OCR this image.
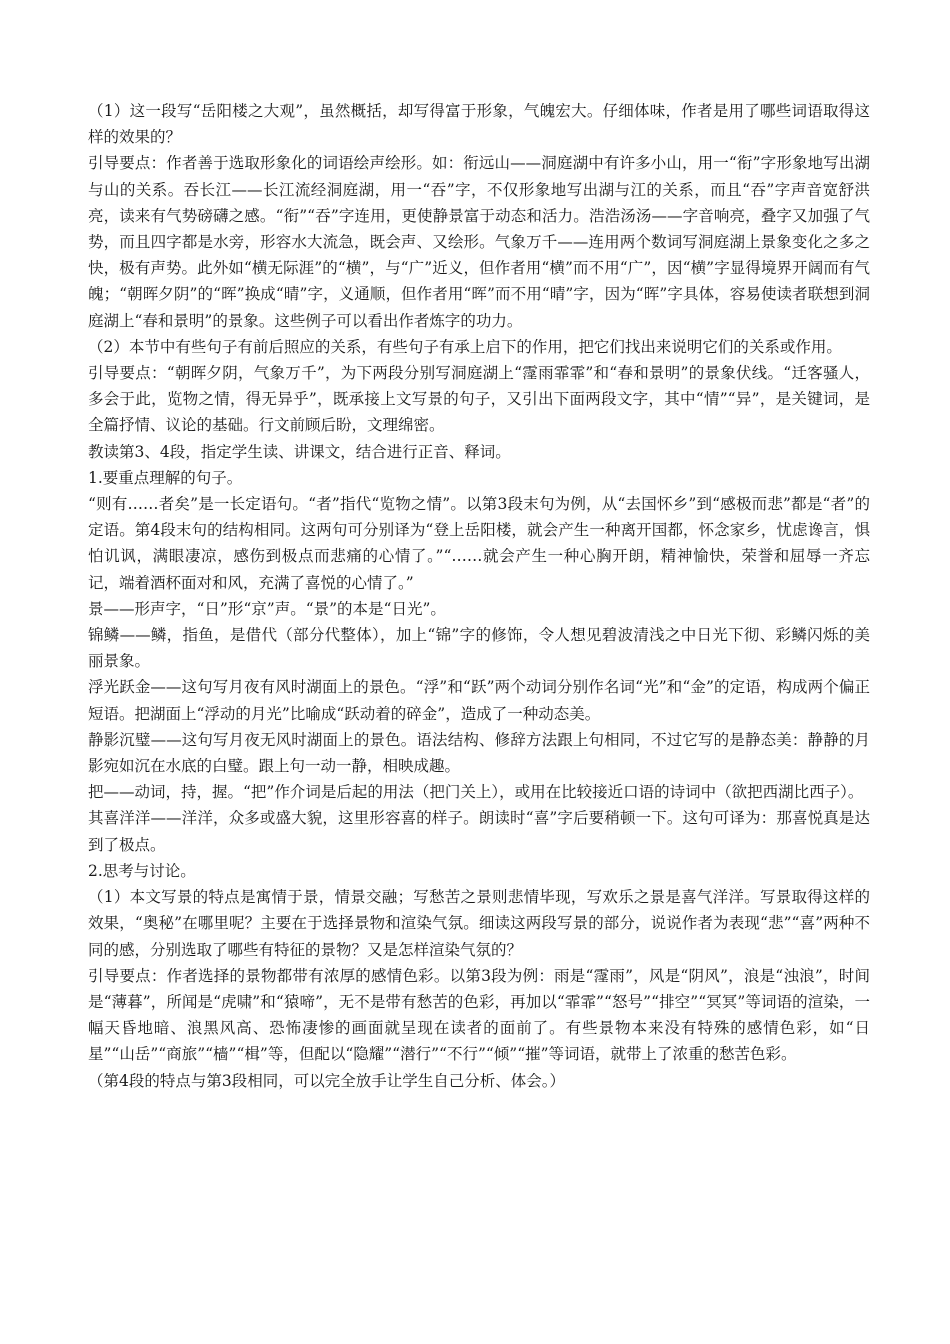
（1）这一段写“岳阳楼之大观”，虽然概括，却写得富于形象，气魄宏大。仔细体味，作者是用了哪些词语取得这样的效果的？

引导要点：作者善于选取形象化的词语绘声绘形。如：衔远山——洞庭湖中有许多小山，用一“衔”字形象地写出湖与山的关系。吞长江——长江流经洞庭湖，用一“吞”字，不仅形象地写出湖与江的关系，而且“吞”字声音宽舒洪亮，读来有气势磅礴之感。“衔”“吞”字连用，更使静景富于动态和活力。浩浩汤汤——字音响亮，叠字又加强了气势，而且四字都是水旁，形容水大流急，既会声、又绘形。气象万千——连用两个数词写洞庭湖上景象变化之多之快，极有声势。此外如“横无际涯”的“横”，与“广”近义，但作者用“横”而不用“广”，因“横”字显得境界开阔而有气魄；“朝晖夕阴”的“晖”换成“晴”字，义通顺，但作者用“晖”而不用“晴”字，因为“晖”字具体，容易使读者联想到洞庭湖上“春和景明”的景象。这些例子可以看出作者炼字的功力。

（2）本节中有些句子有前后照应的关系，有些句子有承上启下的作用，把它们找出来说明它们的关系或作用。

引导要点：“朝晖夕阴，气象万千”，为下两段分别写洞庭湖上“霪雨霏霏”和“春和景明”的景象伏线。“迁客骚人，多会于此，览物之情，得无异乎”，既承接上文写景的句子，又引出下面两段文字，其中“情”“异”，是关键词，是全篇抒情、议论的基础。行文前顾后盼，文理绵密。

教读第3、4段，指定学生读、讲课文，结合进行正音、释词。

1.要重点理解的句子。

“则有……者矣”是一长定语句。“者”指代“览物之情”。以第3段末句为例，从“去国怀乡”到“感极而悲”都是“者”的定语。第4段末句的结构相同。这两句可分别译为“登上岳阳楼，就会产生一种离开国都，怀念家乡，忧虑谗言，惧怕讥讽，满眼凄凉，感伤到极点而悲痛的心情了。”“……就会产生一种心胸开朗，精神愉快，荣誉和屈辱一齐忘记，端着酒杯面对和风，充满了喜悦的心情了。”

景——形声字，“日”形“京”声。“景”的本是“日光”。

锦鳞——鳞，指鱼，是借代（部分代整体），加上“锦”字的修饰，令人想见碧波清浅之中日光下彻、彩鳞闪烁的美丽景象。

浮光跃金——这句写月夜有风时湖面上的景色。“浮”和“跃”两个动词分别作名词“光”和“金”的定语，构成两个偏正短语。把湖面上“浮动的月光”比喻成“跃动着的碎金”，造成了一种动态美。

静影沉璧——这句写月夜无风时湖面上的景色。语法结构、修辞方法跟上句相同，不过它写的是静态美：静静的月影宛如沉在水底的白璧。跟上句一动一静，相映成趣。

把——动词，持，握。“把”作介词是后起的用法（把门关上），或用在比较接近口语的诗词中（欲把西湖比西子）。

其喜洋洋——洋洋，众多或盛大貌，这里形容喜的样子。朗读时“喜”字后要稍顿一下。这句可译为：那喜悦真是达到了极点。

2.思考与讨论。

（1）本文写景的特点是寓情于景，情景交融；写愁苦之景则悲情毕现，写欢乐之景是喜气洋洋。写景取得这样的效果，“奥秘”在哪里呢？主要在于选择景物和渲染气氛。细读这两段写景的部分，说说作者为表现“悲”“喜”两种不同的感，分别选取了哪些有特征的景物？又是怎样渲染气氛的？

引导要点：作者选择的景物都带有浓厚的感情色彩。以第3段为例：雨是“霪雨”，风是“阴风”，浪是“浊浪”，时间是“薄暮”，所闻是“虎啸”和“猿啼”，无不是带有愁苦的色彩，再加以“霏霏”“怒号”“排空”“冥冥”等词语的渲染，一幅天昏地暗、浪黑风高、恐怖凄惨的画面就呈现在读者的面前了。有些景物本来没有特殊的感情色彩，如“日星”“山岳”“商旅”“樯”“楫”等，但配以“隐耀”“潜行”“不行”“倾”“摧”等词语，就带上了浓重的愁苦色彩。

（第4段的特点与第3段相同，可以完全放手让学生自己分析、体会。）
